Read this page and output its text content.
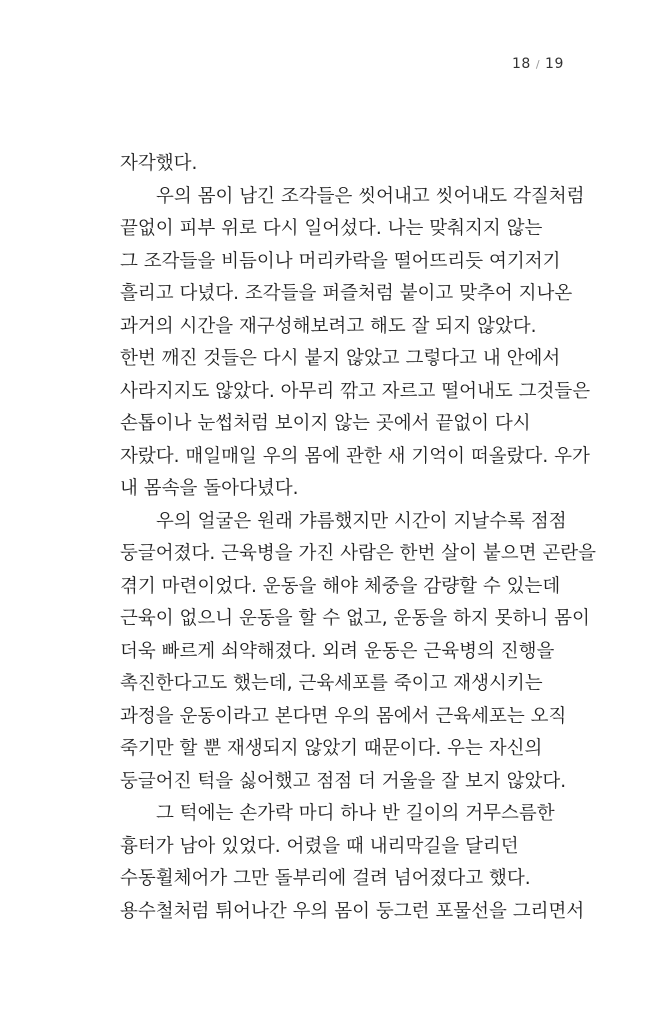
18 / 19
자각했다.
우의 몸이 남긴 조각들은 씻어내고 씻어내도 각질처럼
끝없이 피부 위로 다시 일어섰다. 나는 맞춰지지 않는
그 조각들을 비듬이나 머리카락을 떨어뜨리듯 여기저기
흘리고 다녔다. 조각들을 퍼즐처럼 붙이고 맞추어 지나온
과거의 시간을 재구성해보려고 해도 잘 되지 않았다.
한번 깨진 것들은 다시 붙지 않았고 그렇다고 내 안에서
사라지지도 않았다. 아무리 깎고 자르고 떨어내도 그것들은
손톱이나 눈썹처럼 보이지 않는 곳에서 끝없이 다시
자랐다. 매일매일 우의 몸에 관한 새 기억이 떠올랐다. 우가
내 몸속을 돌아다녔다.
우의 얼굴은 원래 갸름했지만 시간이 지날수록 점점
둥글어졌다. 근육병을 가진 사람은 한번 살이 붙으면 곤란을
겪기 마련이었다. 운동을 해야 체중을 감량할 수 있는데
근육이 없으니 운동을 할 수 없고, 운동을 하지 못하니 몸이
더욱 빠르게 쇠약해졌다. 외려 운동은 근육병의 진행을
촉진한다고도 했는데, 근육세포를 죽이고 재생시키는
과정을 운동이라고 본다면 우의 몸에서 근육세포는 오직
죽기만 할 뿐 재생되지 않았기 때문이다. 우는 자신의
둥글어진 턱을 싫어했고 점점 더 거울을 잘 보지 않았다.
그 턱에는 손가락 마디 하나 반 길이의 거무스름한
흉터가 남아 있었다. 어렸을 때 내리막길을 달리던
수동휠체어가 그만 돌부리에 걸려 넘어졌다고 했다.
용수철처럼 튀어나간 우의 몸이 둥그런 포물선을 그리면서
